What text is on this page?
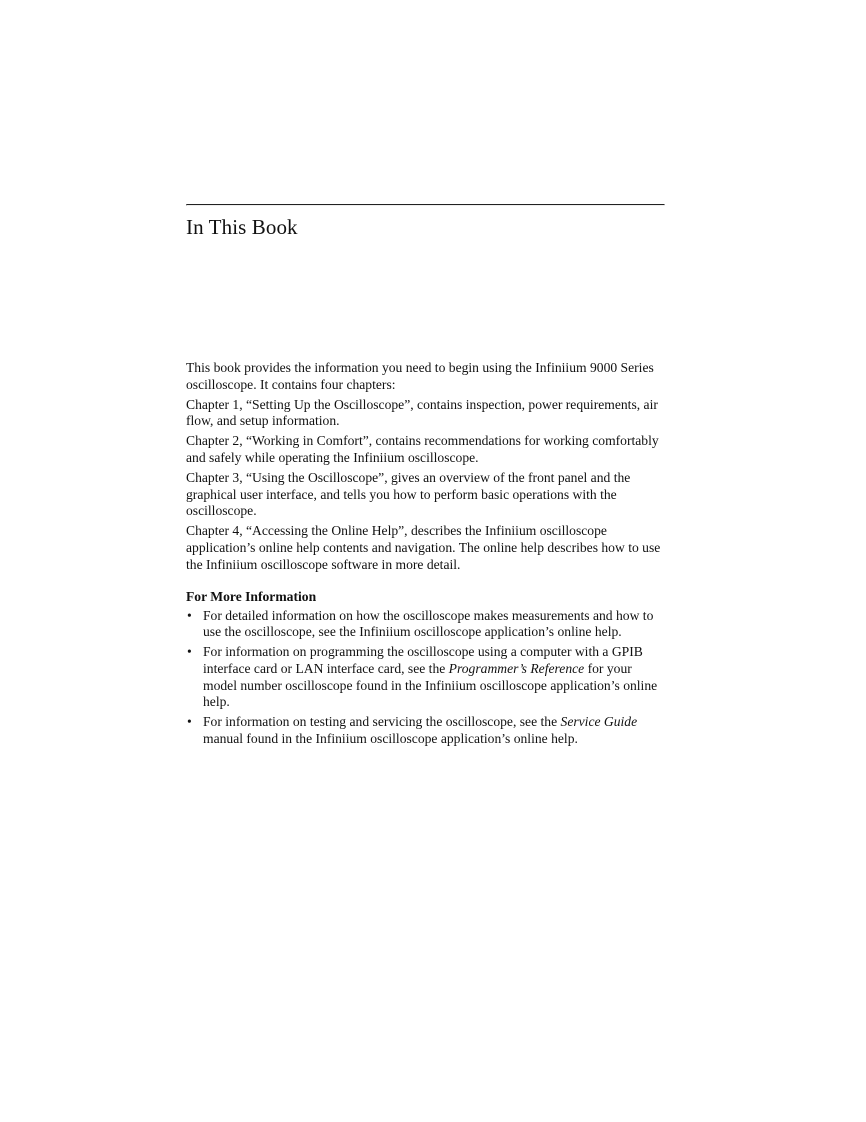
In This Book

This book provides the information you need to begin using the Infiniium 9000 Series oscilloscope. It contains four chapters:

Chapter 1, “Setting Up the Oscilloscope”, contains inspection, power requirements, air flow, and setup information.

Chapter 2, “Working in Comfort”, contains recommendations for working comfortably and safely while operating the Infiniium oscilloscope.

Chapter 3, “Using the Oscilloscope”, gives an overview of the front panel and the graphical user interface, and tells you how to perform basic operations with the oscilloscope.

Chapter 4, “Accessing the Online Help”, describes the Infiniium oscilloscope application’s online help contents and navigation. The online help describes how to use the Infiniium oscilloscope software in more detail.

For More Information
• For detailed information on how the oscilloscope makes measurements and how to use the oscilloscope, see the Infiniium oscilloscope application’s online help.
• For information on programming the oscilloscope using a computer with a GPIB interface card or LAN interface card, see the Programmer’s Reference for your model number oscilloscope found in the Infiniium oscilloscope application’s online help.
• For information on testing and servicing the oscilloscope, see the Service Guide manual found in the Infiniium oscilloscope application’s online help.
